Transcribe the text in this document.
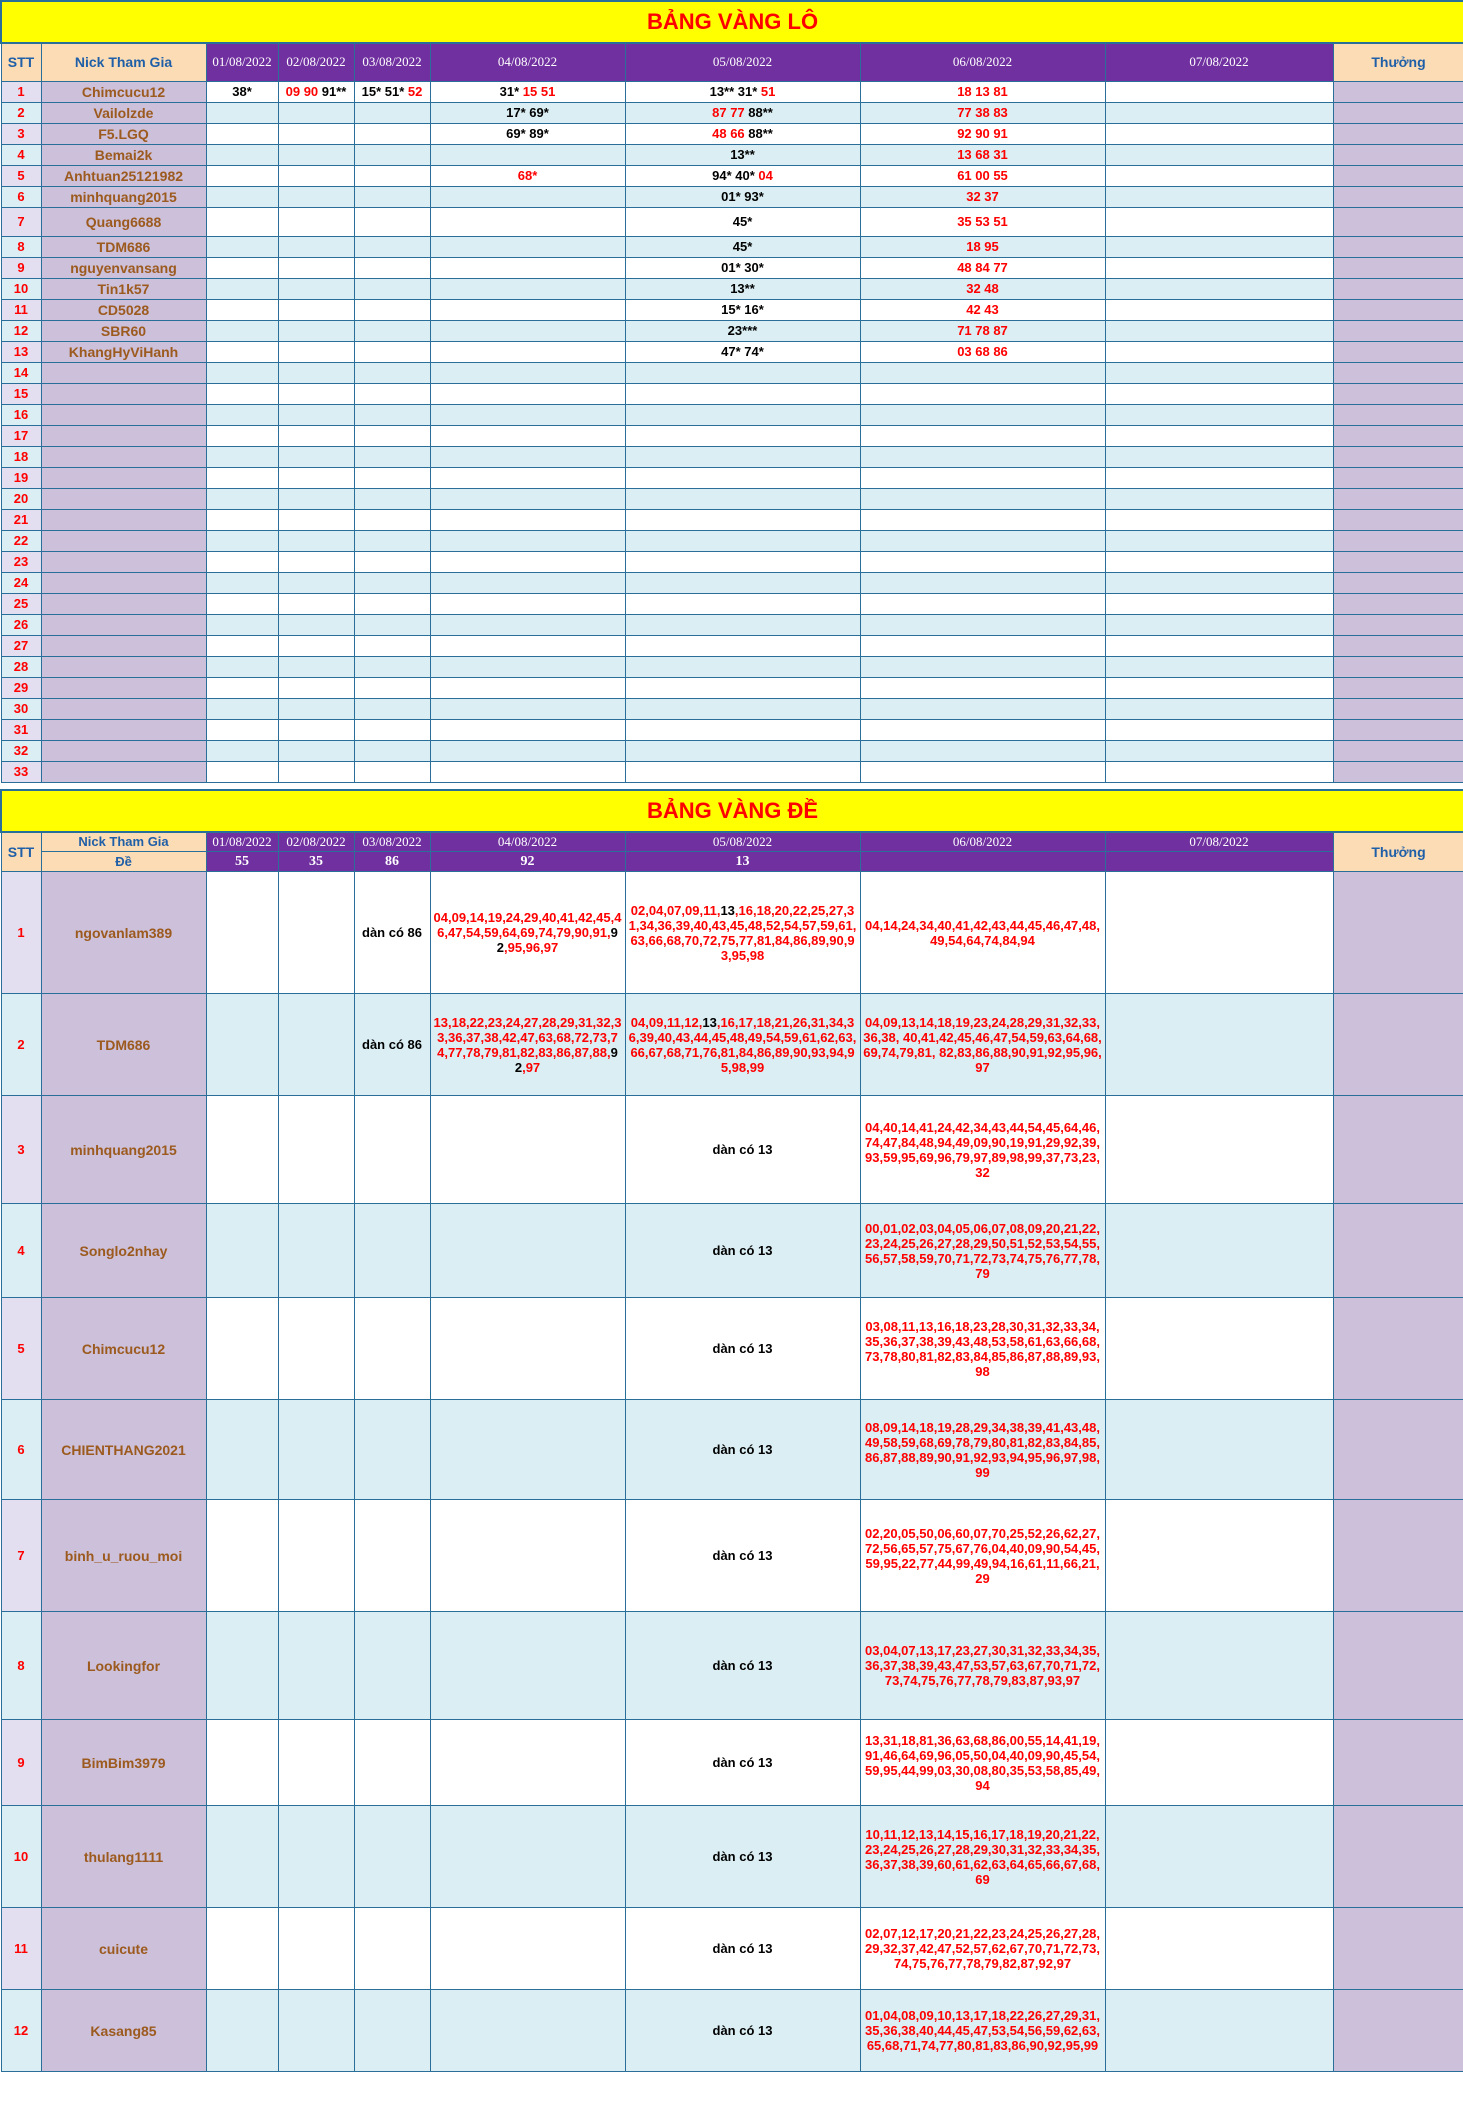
BẢNG VÀNG LÔ									
STT	Nick Tham Gia	01/08/2022	02/08/2022	03/08/2022	04/08/2022	05/08/2022	06/08/2022	07/08/2022	Thưởng
1	Chimcucu12	38*	09 90 91**	15* 51* 52	31* 15 51	13** 31* 51	18 13 81		
2	Vailolzde				17* 69*	87 77 88**	77 38 83		
3	F5.LGQ				69* 89*	48 66 88**	92 90 91		
4	Bemai2k					13**	13 68 31		
5	Anhtuan25121982				68*	94* 40* 04	61 00 55		
6	minhquang2015					01* 93*	32 37		
7	Quang6688					45*	35 53 51		
8	TDM686					45*	18 95		
9	nguyenvansang					01* 30*	48 84 77		
10	Tin1k57					13**	32 48		
11	CD5028					15* 16*	42 43		
12	SBR60					23***	71 78 87		
13	KhangHyViHanh					47* 74*	03 68 86		
14									
15									
16									
17									
18									
19									
20									
21									
22									
23									
24									
25									
26									
27									
28									
29									
30									
31									
32									
33									
BẢNG VÀNG ĐỀ									
STT	Nick Tham Gia	01/08/2022	02/08/2022	03/08/2022	04/08/2022	05/08/2022	06/08/2022	07/08/2022	Thưởng
	Đề	55	35	86	92	13			
1	ngovanlam389			dàn có 86	04,09,14,19,24,29,40,41,42,45,46,47,54,59,64,69,74,79,90,91,92,95,96,97	02,04,07,09,11,13,16,18,20,22,25,27,31,34,36,39,40,43,45,48,52,54,57,59,61,63,66,68,70,72,75,77,81,84,86,89,90,93,95,98	04,14,24,34,40,41,42,43,44,45,46,47,48,49,54,64,74,84,94		
2	TDM686			dàn có 86	13,18,22,23,24,27,28,29,31,32,33,36,37,38,42,47,63,68,72,73,74,77,78,79,81,82,83,86,87,88,92,97	04,09,11,12,13,16,17,18,21,26,31,34,36,39,40,43,44,45,48,49,54,59,61,62,63,66,67,68,71,76,81,84,86,89,90,93,94,95,98,99	04,09,13,14,18,19,23,24,28,29,31,32,33,36,38, 40,41,42,45,46,47,54,59,63,64,68,69,74,79,81, 82,83,86,88,90,91,92,95,96,97		
3	minhquang2015					dàn có 13	04,40,14,41,24,42,34,43,44,54,45,64,46,74,47,84,48,94,49,09,90,19,91,29,92,39,93,59,95,69,96,79,97,89,98,99,37,73,23,32		
4	Songlo2nhay					dàn có 13	00,01,02,03,04,05,06,07,08,09,20,21,22,23,24,25,26,27,28,29,50,51,52,53,54,55,56,57,58,59,70,71,72,73,74,75,76,77,78,79		
5	Chimcucu12					dàn có 13	03,08,11,13,16,18,23,28,30,31,32,33,34,35,36,37,38,39,43,48,53,58,61,63,66,68,73,78,80,81,82,83,84,85,86,87,88,89,93,98		
6	CHIENTHANG2021					dàn có 13	08,09,14,18,19,28,29,34,38,39,41,43,48,49,58,59,68,69,78,79,80,81,82,83,84,85,86,87,88,89,90,91,92,93,94,95,96,97,98,99		
7	binh_u_ruou_moi					dàn có 13	02,20,05,50,06,60,07,70,25,52,26,62,27,72,56,65,57,75,67,76,04,40,09,90,54,45,59,95,22,77,44,99,49,94,16,61,11,66,21,29		
8	Lookingfor					dàn có 13	03,04,07,13,17,23,27,30,31,32,33,34,35,36,37,38,39,43,47,53,57,63,67,70,71,72,73,74,75,76,77,78,79,83,87,93,97		
9	BimBim3979					dàn có 13	13,31,18,81,36,63,68,86,00,55,14,41,19,91,46,64,69,96,05,50,04,40,09,90,45,54,59,95,44,99,03,30,08,80,35,53,58,85,49,94		
10	thulang1111					dàn có 13	10,11,12,13,14,15,16,17,18,19,20,21,22,23,24,25,26,27,28,29,30,31,32,33,34,35,36,37,38,39,60,61,62,63,64,65,66,67,68,69		
11	cuicute					dàn có 13	02,07,12,17,20,21,22,23,24,25,26,27,28,29,32,37,42,47,52,57,62,67,70,71,72,73,74,75,76,77,78,79,82,87,92,97		
12	Kasang85					dàn có 13	01,04,08,09,10,13,17,18,22,26,27,29,31,35,36,38,40,44,45,47,53,54,56,59,62,63,65,68,71,74,77,80,81,83,86,90,92,95,99		
